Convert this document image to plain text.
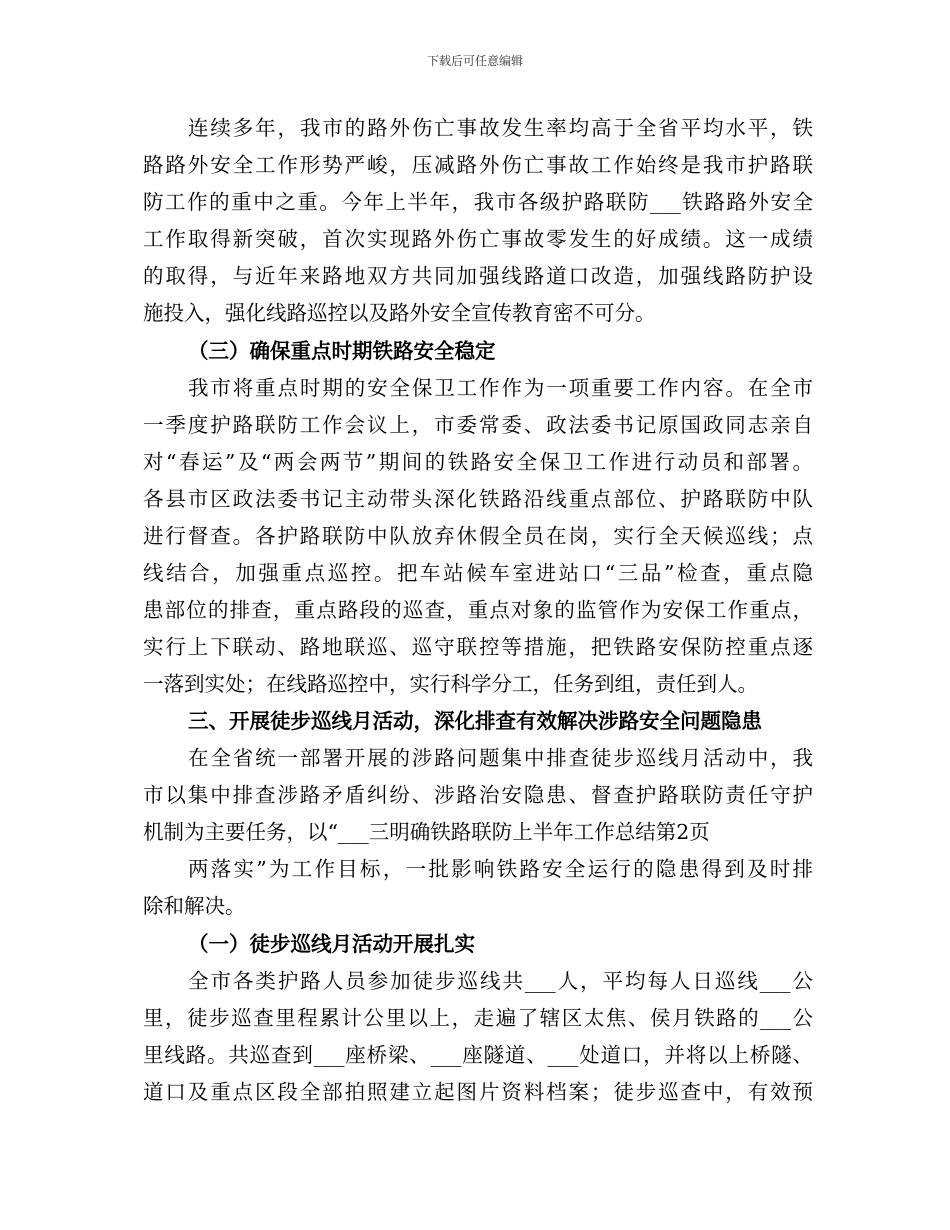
下载后可任意编辑
连续多年，我市的路外伤亡事故发生率均高于全省平均水平，铁
路路外安全工作形势严峻，压减路外伤亡事故工作始终是我市护路联
防工作的重中之重。今年上半年，我市各级护路联防___铁路路外安全
工作取得新突破，首次实现路外伤亡事故零发生的好成绩。这一成绩
的取得，与近年来路地双方共同加强线路道口改造，加强线路防护设
施投入，强化线路巡控以及路外安全宣传教育密不可分。
（三）确保重点时期铁路安全稳定
我市将重点时期的安全保卫工作作为一项重要工作内容。在全市
一季度护路联防工作会议上，市委常委、政法委书记原国政同志亲自
对“春运”及“两会两节”期间的铁路安全保卫工作进行动员和部署。
各县市区政法委书记主动带头深化铁路沿线重点部位、护路联防中队
进行督查。各护路联防中队放弃休假全员在岗，实行全天候巡线；点
线结合，加强重点巡控。把车站候车室进站口“三品”检查，重点隐
患部位的排查，重点路段的巡查，重点对象的监管作为安保工作重点，
实行上下联动、路地联巡、巡守联控等措施，把铁路安保防控重点逐
一落到实处；在线路巡控中，实行科学分工，任务到组，责任到人。
三、开展徒步巡线月活动，深化排查有效解决涉路安全问题隐患
在全省统一部署开展的涉路问题集中排查徒步巡线月活动中，我
市以集中排查涉路矛盾纠纷、涉路治安隐患、督查护路联防责任守护
机制为主要任务，以“___三明确铁路联防上半年工作总结第2页
两落实”为工作目标，一批影响铁路安全运行的隐患得到及时排
除和解决。
（一）徒步巡线月活动开展扎实
全市各类护路人员参加徒步巡线共___人，平均每人日巡线___公
里，徒步巡查里程累计公里以上，走遍了辖区太焦、侯月铁路的___公
里线路。共巡查到___座桥梁、___座隧道、___处道口，并将以上桥隧、
道口及重点区段全部拍照建立起图片资料档案；徒步巡查中，有效预
